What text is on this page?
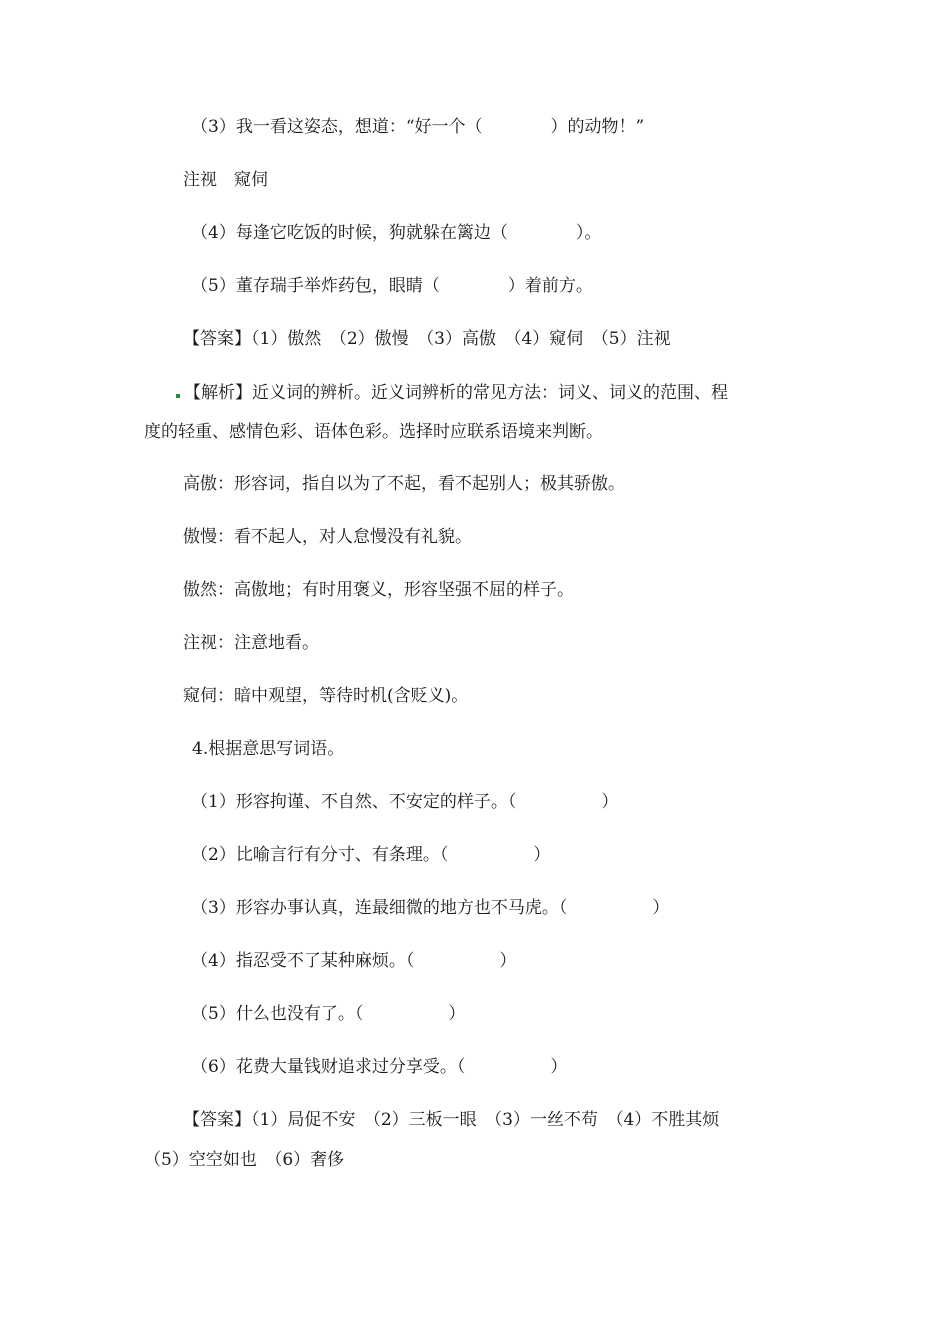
（3）我一看这姿态，想道：“好一个（　　　　）的动物！”
注视　窥伺
（4）每逢它吃饭的时候，狗就躲在篱边（　　　　）。
（5）董存瑞手举炸药包，眼睛（　　　　）着前方。
【答案】（1）傲然　（2）傲慢　（3）高傲　（4）窥伺　（5）注视
【解析】近义词的辨析。近义词辨析的常见方法：词义、词义的范围、程
度的轻重、感情色彩、语体色彩。选择时应联系语境来判断。
高傲：形容词，指自以为了不起，看不起别人；极其骄傲。
傲慢：看不起人，对人怠慢没有礼貌。
傲然：高傲地；有时用褒义，形容坚强不屈的样子。
注视：注意地看。
窥伺：暗中观望，等待时机(含贬义)。
4.根据意思写词语。
（1）形容拘谨、不自然、不安定的样子。（　　　　　）
（2）比喻言行有分寸、有条理。（　　　　　）
（3）形容办事认真，连最细微的地方也不马虎。（　　　　　）
（4）指忍受不了某种麻烦。（　　　　　）
（5）什么也没有了。（　　　　　）
（6）花费大量钱财追求过分享受。（　　　　　）
【答案】（1）局促不安　（2）三板一眼　（3）一丝不苟　（4）不胜其烦
（5）空空如也　（6）奢侈
